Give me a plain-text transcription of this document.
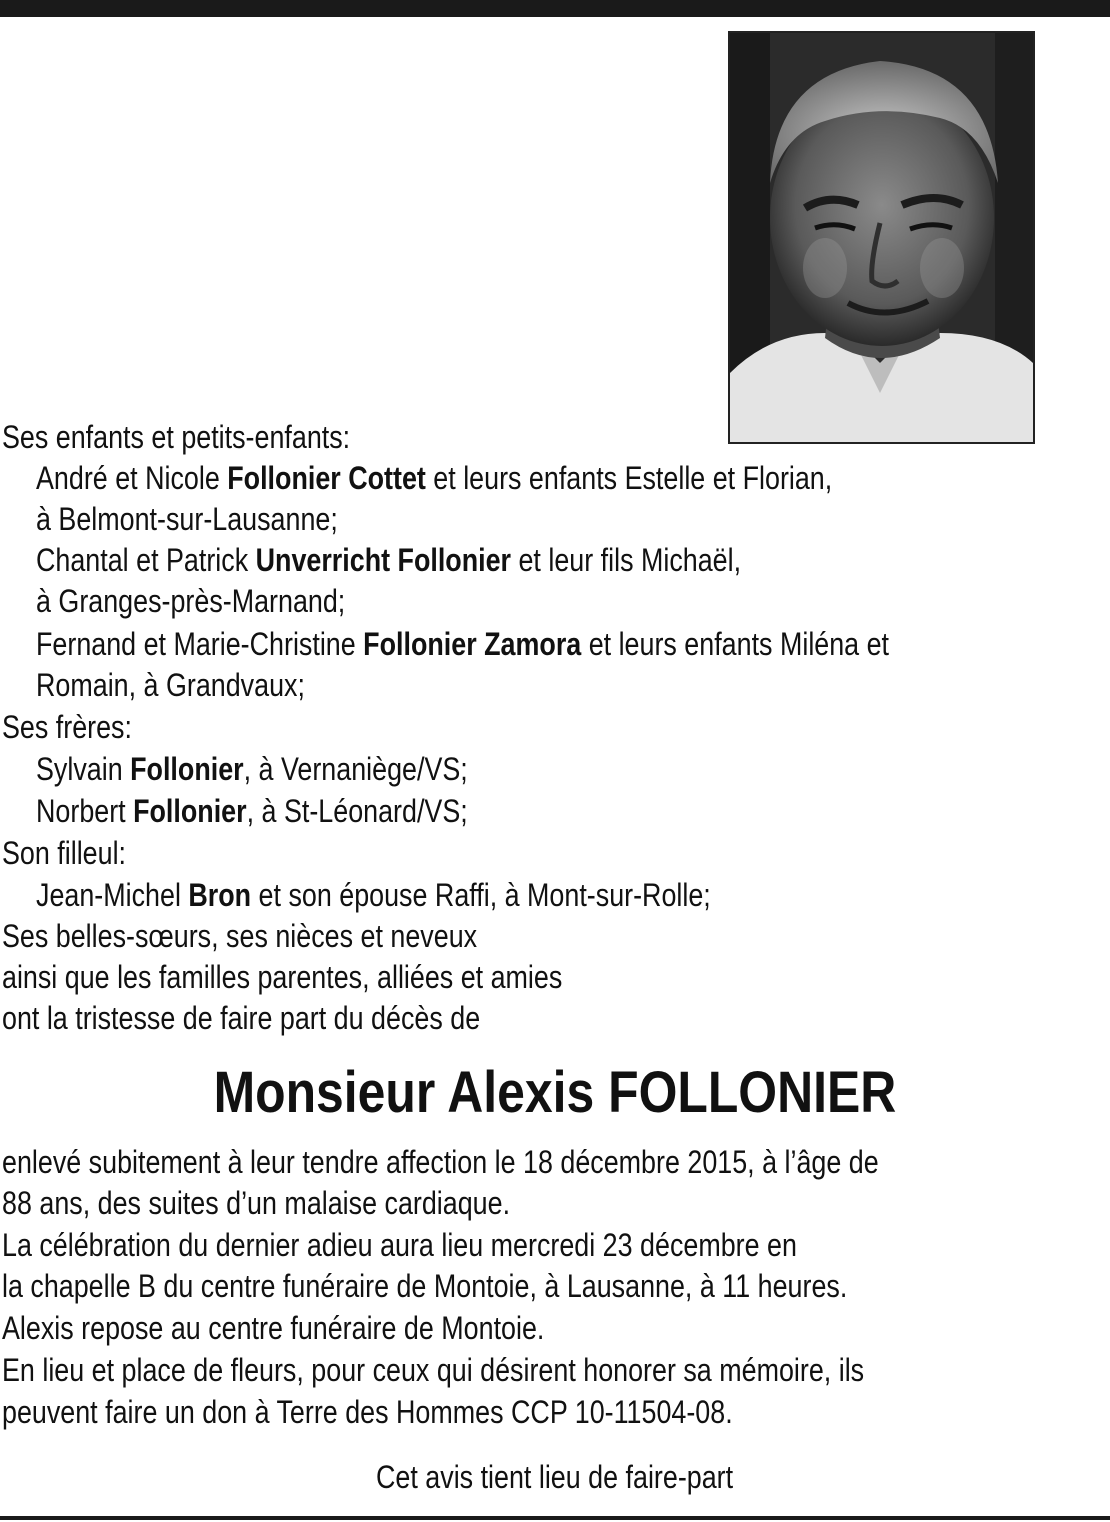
Ses enfants et petits-enfants:
André et Nicole Follonier Cottet et leurs enfants Estelle et Florian,
à Belmont-sur-Lausanne;
Chantal et Patrick Unverricht Follonier et leur fils Michaël,
à Granges-près-Marnand;
Fernand et Marie-Christine Follonier Zamora et leurs enfants Miléna et
Romain, à Grandvaux;
Ses frères:
Sylvain Follonier, à Vernaniège/VS;
Norbert Follonier, à St-Léonard/VS;
Son filleul:
Jean-Michel Bron et son épouse Raffi, à Mont-sur-Rolle;
Ses belles-sœurs, ses nièces et neveux
ainsi que les familles parentes, alliées et amies
ont la tristesse de faire part du décès de
Monsieur Alexis FOLLONIER
enlevé subitement à leur tendre affection le 18 décembre 2015, à l’âge de
88 ans, des suites d’un malaise cardiaque.
La célébration du dernier adieu aura lieu mercredi 23 décembre en
la chapelle B du centre funéraire de Montoie, à Lausanne, à 11 heures.
Alexis repose au centre funéraire de Montoie.
En lieu et place de fleurs, pour ceux qui désirent honorer sa mémoire, ils
peuvent faire un don à Terre des Hommes CCP 10-11504-08.
Cet avis tient lieu de faire-part
